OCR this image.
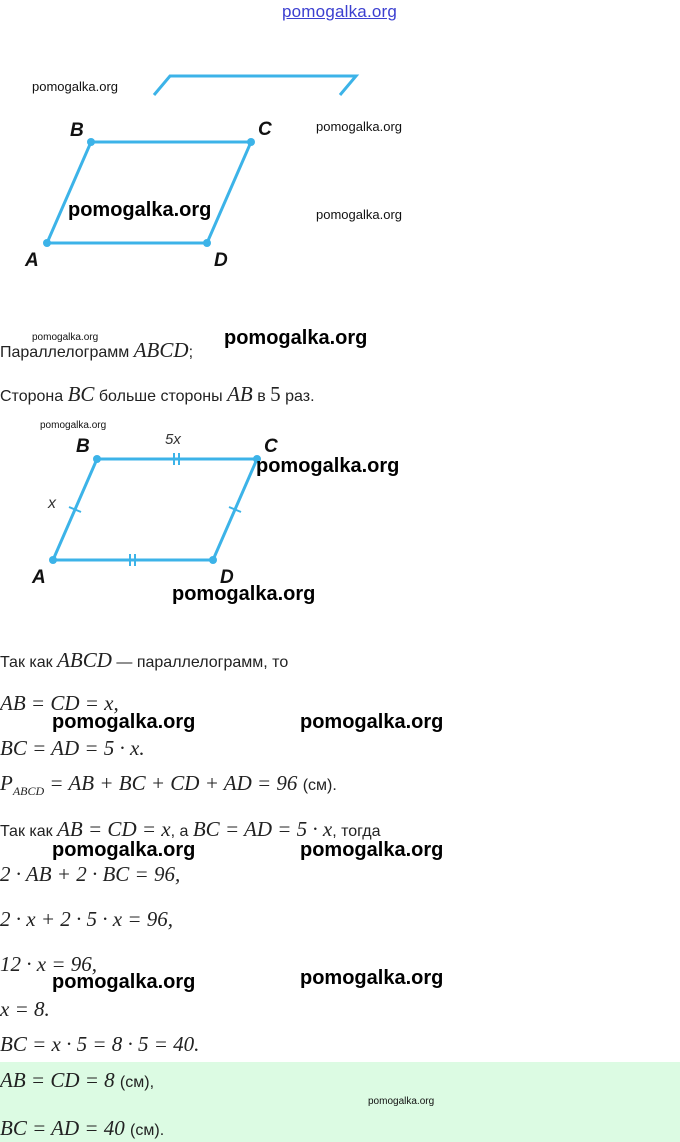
pomogalka.org
B	C
A	D
pomogalka.org
pomogalka.org
pomogalka.org	pomogalka.org
pomogalka.org
Параллелограмм ABCD;
pomogalka.org
Сторона BC больше стороны AB в 5 раз.
pomogalka.org
B	C
A	D
5x
x
pomogalka.org
pomogalka.org
Так как ABCD — параллелограмм, то
AB = CD = x,
pomogalka.org	pomogalka.org
BC = AD = 5 · x.
$P_{ABCD}$ = AB + BC + CD + AD = 96 (см).
Так как AB = CD = x, а BC = AD = 5 · x, тогда
pomogalka.org	pomogalka.org
2 · AB + 2 · BC = 96,
2 · x + 2 · 5 · x = 96,
12 · x = 96,
pomogalka.org	pomogalka.org
x = 8.
BC = x · 5 = 8 · 5 = 40.
AB = CD = 8 (см),
pomogalka.org
BC = AD = 40 (см).
